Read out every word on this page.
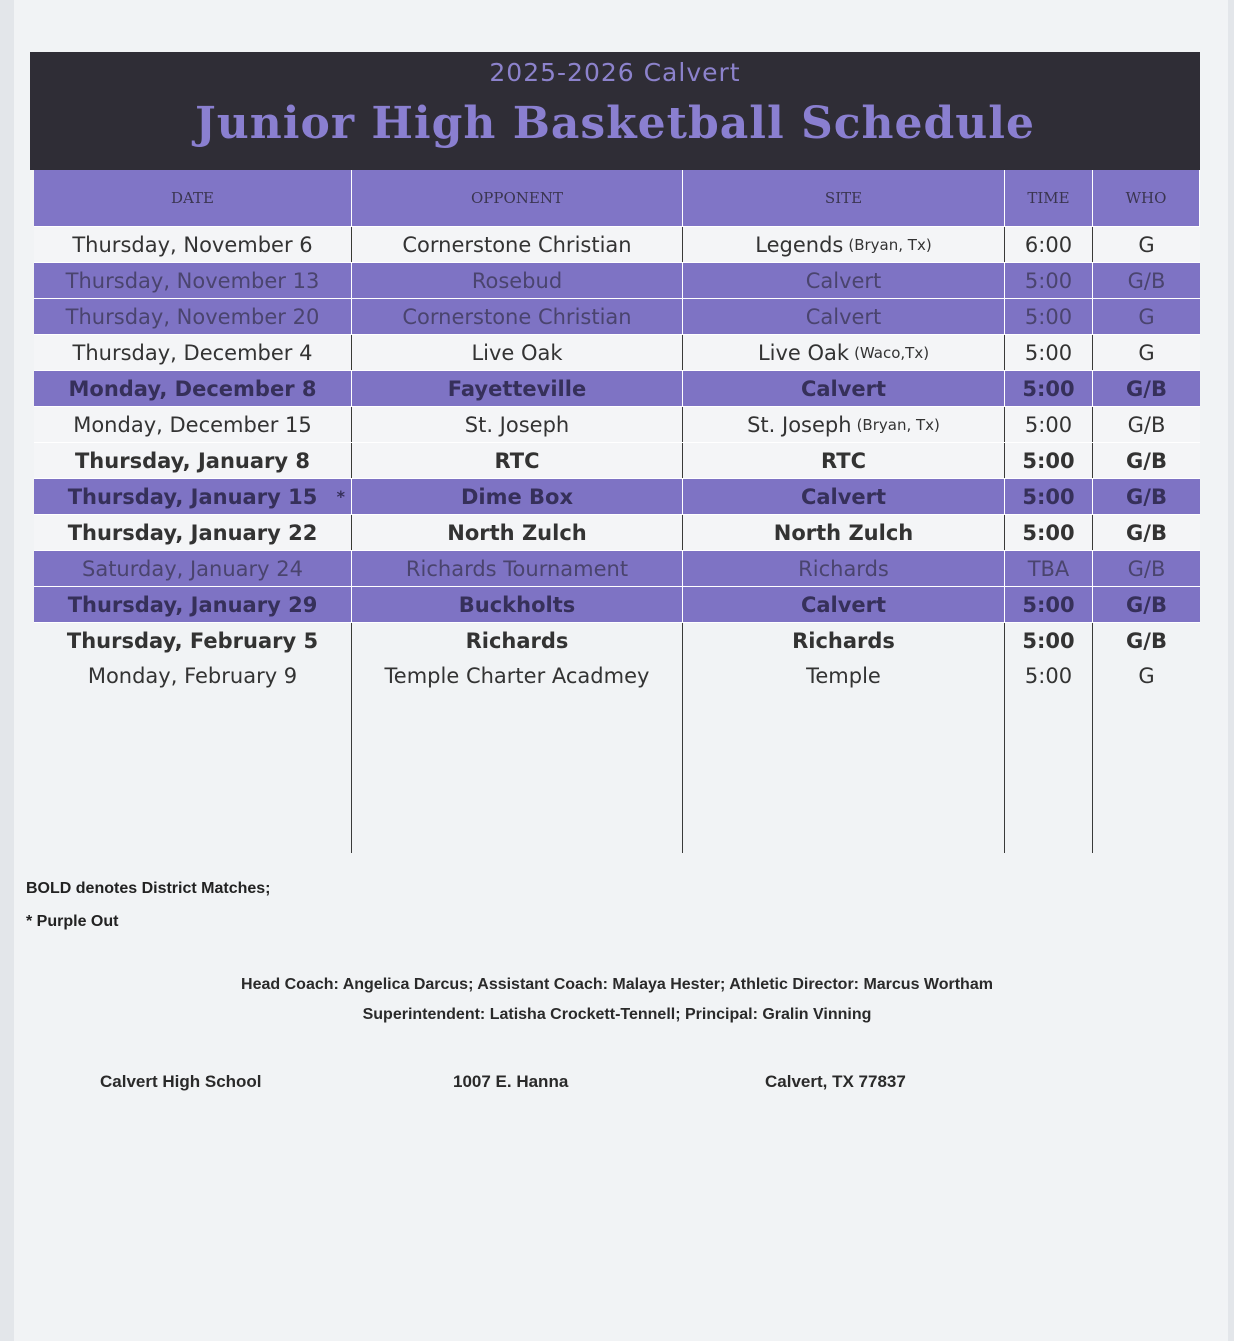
2025-2026 Calvert
Junior High Basketball Schedule
DATE	OPPONENT	SITE	TIME	WHO
Thursday, November 6	Cornerstone Christian	Legends (Bryan, Tx)	6:00	G
Thursday, November 13	Rosebud	Calvert	5:00	G/B
Thursday, November 20	Cornerstone Christian	Calvert	5:00	G
Thursday, December 4	Live Oak	Live Oak (Waco,Tx)	5:00	G
Monday, December 8	Fayetteville	Calvert	5:00 G/B
Monday, December 15	St. Joseph	St. Joseph (Bryan, Tx)	5:00	G/B
Thursday, January 8	RTC	RTC	5:00 G/B
Thursday, January 15 *	Dime Box	Calvert	5:00 G/B
Thursday, January 22	North Zulch	North Zulch	5:00 G/B
Saturday, January 24	Richards Tournament	Richards	TBA	G/B
Thursday, January 29	Buckholts	Calvert	5:00 G/B
Thursday, February 5	Richards	Richards	5:00 G/B
Monday, February 9	Temple Charter Acadmey	Temple	5:00	G
BOLD denotes District Matches;
* Purple Out
Head Coach: Angelica Darcus; Assistant Coach: Malaya Hester; Athletic Director: Marcus Wortham
Superintendent: Latisha Crockett-Tennell; Principal: Gralin Vinning
Calvert High School	1007 E. Hanna	Calvert, TX 77837
